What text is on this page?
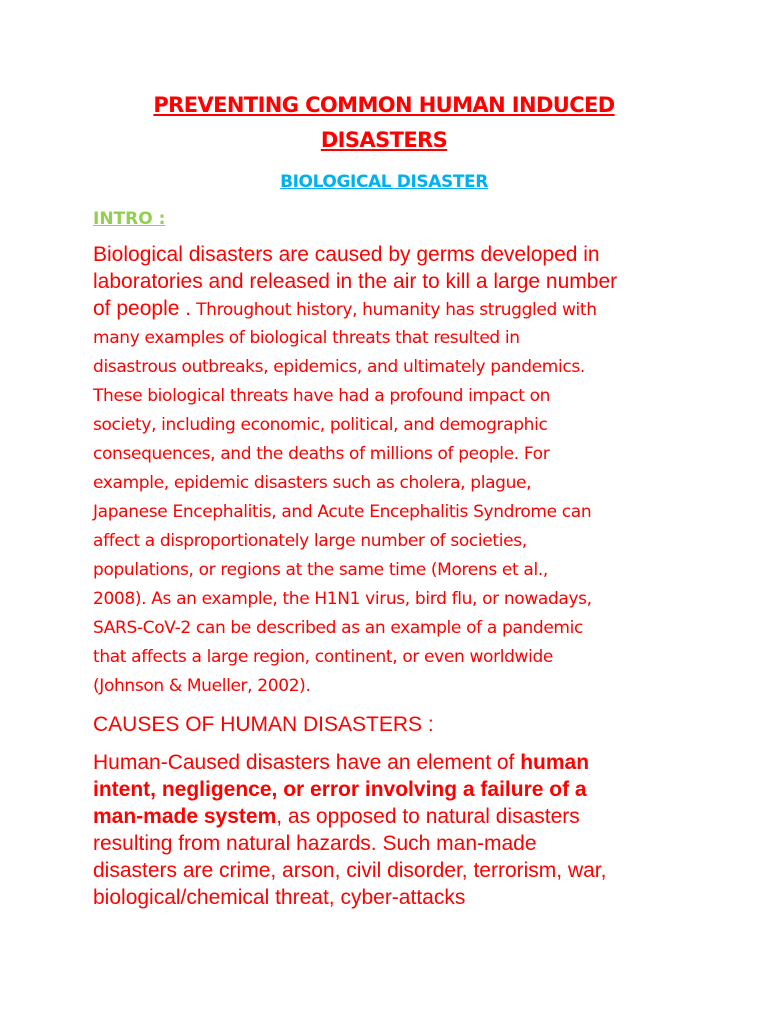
PREVENTING COMMON HUMAN INDUCED
DISASTERS
BIOLOGICAL DISASTER
INTRO :
Biological disasters are caused by germs developed in
laboratories and released in the air to kill a large number
of people . Throughout history, humanity has struggled with
many examples of biological threats that resulted in
disastrous outbreaks, epidemics, and ultimately pandemics.
These biological threats have had a profound impact on
society, including economic, political, and demographic
consequences, and the deaths of millions of people. For
example, epidemic disasters such as cholera, plague,
Japanese Encephalitis, and Acute Encephalitis Syndrome can
affect a disproportionately large number of societies,
populations, or regions at the same time (Morens et al.,
2008). As an example, the H1N1 virus, bird flu, or nowadays,
SARS-CoV-2 can be described as an example of a pandemic
that affects a large region, continent, or even worldwide
(Johnson & Mueller, 2002).
CAUSES OF HUMAN DISASTERS :
Human-Caused disasters have an element of human
intent, negligence, or error involving a failure of a
man-made system, as opposed to natural disasters
resulting from natural hazards. Such man-made
disasters are crime, arson, civil disorder, terrorism, war,
biological/chemical threat, cyber-attacks
